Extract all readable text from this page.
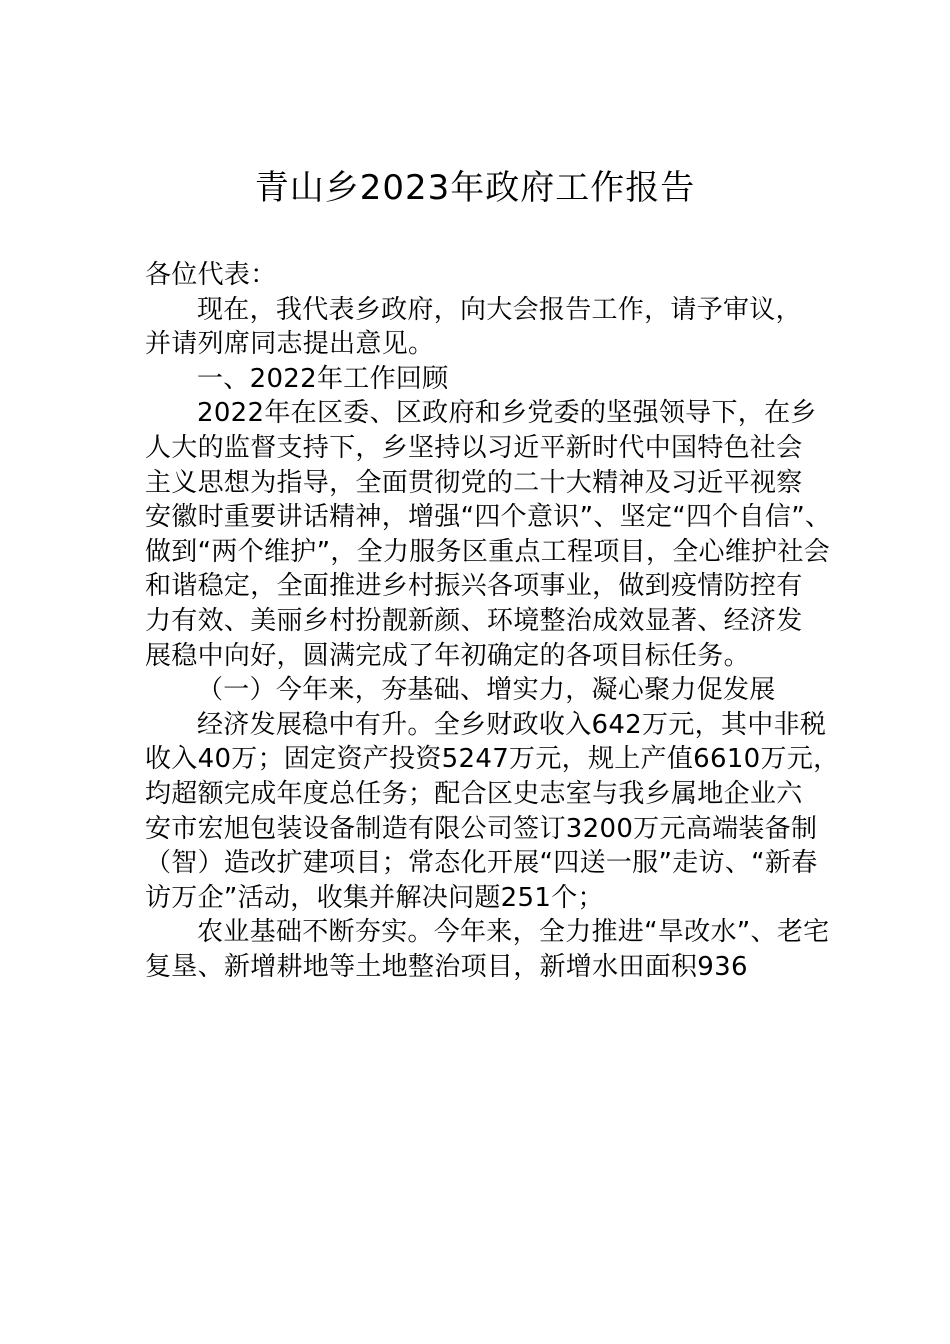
青山乡2023年政府工作报告
各位代表：
现在，我代表乡政府，向大会报告工作，请予审议，
并请列席同志提出意见。
一、2022年工作回顾
2022年在区委、区政府和乡党委的坚强领导下，在乡
人大的监督支持下，乡坚持以习近平新时代中国特色社会
主义思想为指导，全面贯彻党的二十大精神及习近平视察
安徽时重要讲话精神，增强“四个意识”、坚定“四个自信”、
做到“两个维护”，全力服务区重点工程项目，全心维护社会
和谐稳定，全面推进乡村振兴各项事业，做到疫情防控有
力有效、美丽乡村扮靓新颜、环境整治成效显著、经济发
展稳中向好，圆满完成了年初确定的各项目标任务。
（一）今年来，夯基础、增实力，凝心聚力促发展
经济发展稳中有升。全乡财政收入642万元，其中非税
收入40万；固定资产投资5247万元，规上产值6610万元，
均超额完成年度总任务；配合区史志室与我乡属地企业六
安市宏旭包装设备制造有限公司签订3200万元高端装备制
（智）造改扩建项目；常态化开展“四送一服”走访、“新春
访万企”活动，收集并解决问题251个；
农业基础不断夯实。今年来，全力推进“旱改水”、老宅
复垦、新增耕地等土地整治项目，新增水田面积936
